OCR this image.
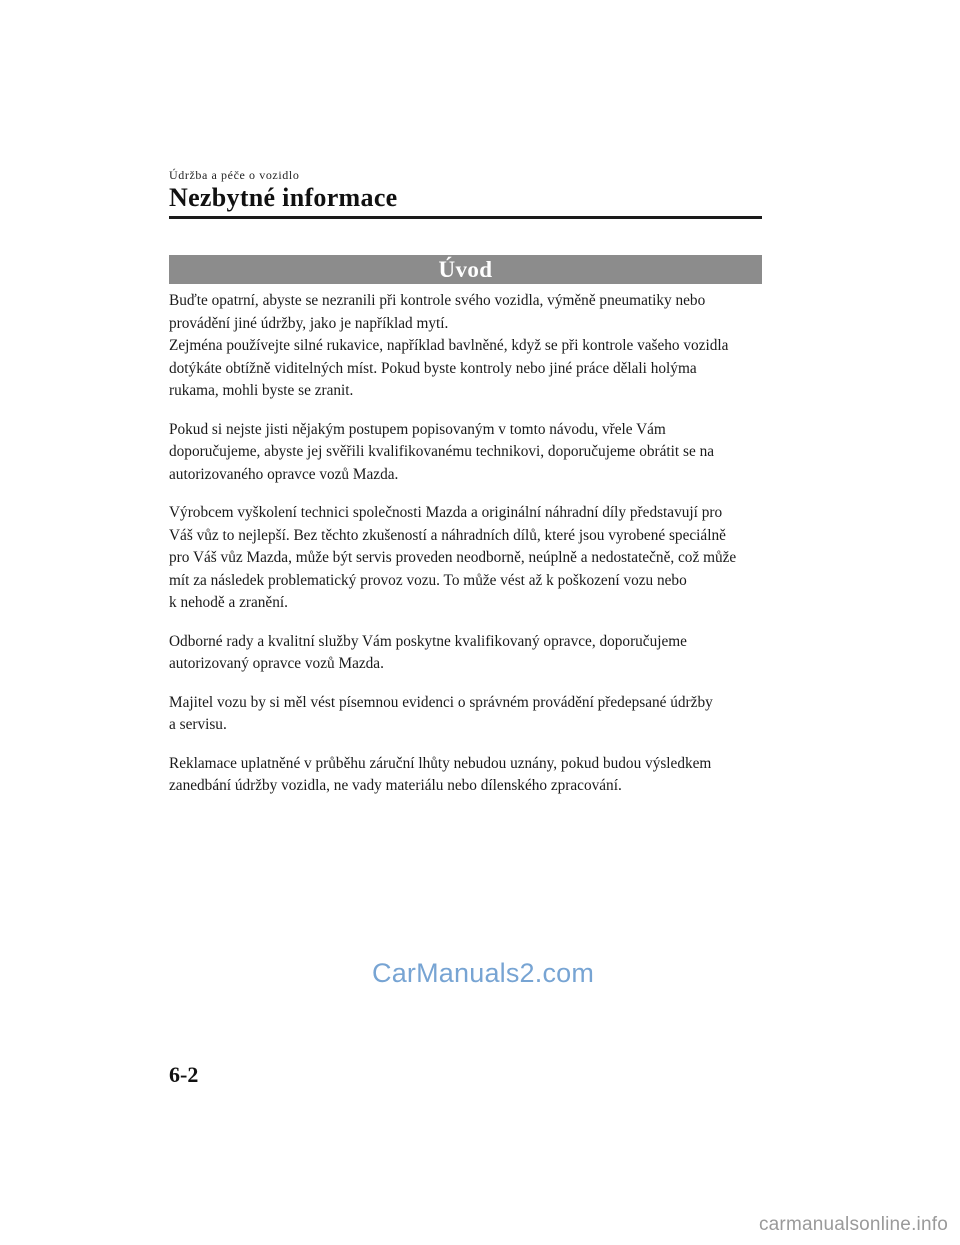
Údržba a péče o vozidlo
Nezbytné informace
Úvod

Buďte opatrní, abyste se nezranili při kontrole svého vozidla, výměně pneumatiky nebo
provádění jiné údržby, jako je například mytí.
Zejména používejte silné rukavice, například bavlněné, když se při kontrole vašeho vozidla
dotýkáte obtížně viditelných míst. Pokud byste kontroly nebo jiné práce dělali holýma
rukama, mohli byste se zranit.

Pokud si nejste jisti nějakým postupem popisovaným v tomto návodu, vřele Vám
doporučujeme, abyste jej svěřili kvalifikovanému technikovi, doporučujeme obrátit se na
autorizovaného opravce vozů Mazda.

Výrobcem vyškolení technici společnosti Mazda a originální náhradní díly představují pro
Váš vůz to nejlepší. Bez těchto zkušeností a náhradních dílů, které jsou vyrobené speciálně
pro Váš vůz Mazda, může být servis proveden neodborně, neúplně a nedostatečně, což může
mít za následek problematický provoz vozu. To může vést až k poškození vozu nebo
k nehodě a zranění.

Odborné rady a kvalitní služby Vám poskytne kvalifikovaný opravce, doporučujeme
autorizovaný opravce vozů Mazda.

Majitel vozu by si měl vést písemnou evidenci o správném provádění předepsané údržby
a servisu.

Reklamace uplatněné v průběhu záruční lhůty nebudou uznány, pokud budou výsledkem
zanedbání údržby vozidla, ne vady materiálu nebo dílenského zpracování.

CarManuals2.com
6-2
carmanualsonline.info
